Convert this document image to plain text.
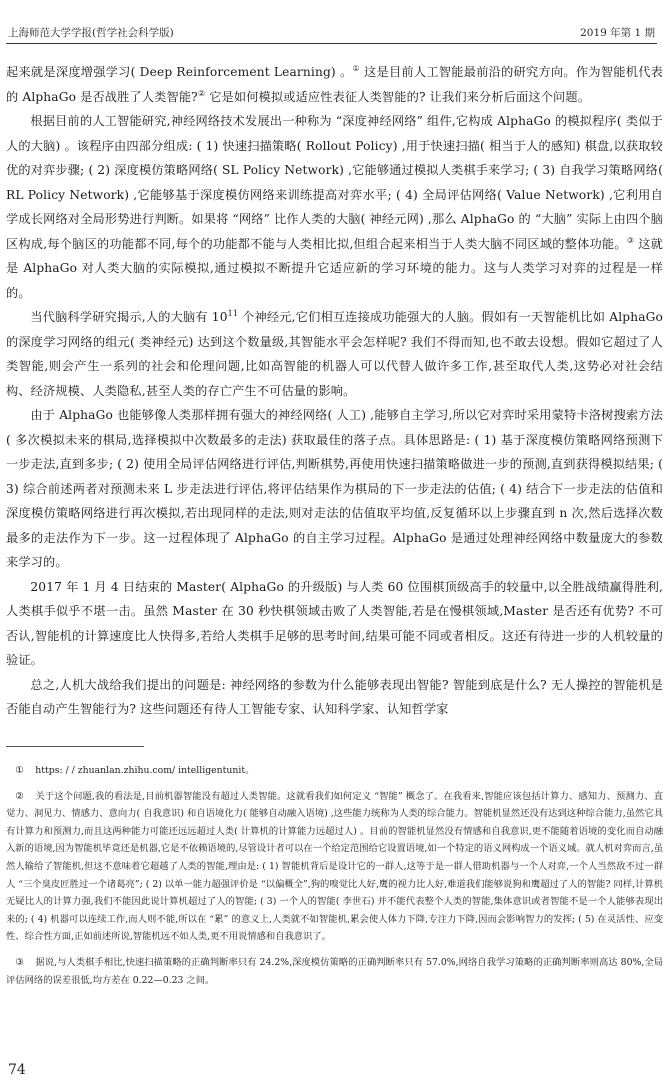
上海师范大学学报(哲学社会科学版)	2019 年第 1 期

起来就是深度增强学习( Deep Reinforcement Learning) 。① 这是目前人工智能最前沿的研究方向。作为智能机代表的 AlphaGo 是否战胜了人类智能?② 它是如何模拟或适应性表征人类智能的? 让我们来分析后面这个问题。

根据目前的人工智能研究,神经网络技术发展出一种称为 “深度神经网络” 组件,它构成 AlphaGo 的模拟程序( 类似于人的大脑) 。该程序由四部分组成: ( 1) 快速扫描策略( Rollout Policy) ,用于快速扫描( 相当于人的感知) 棋盘,以获取较优的对弈步骤; ( 2) 深度模仿策略网络( SL Policy Network) ,它能够通过模拟人类棋手来学习; ( 3) 自我学习策略网络( RL Policy Network) ,它能够基于深度模仿网络来训练提高对弈水平; ( 4) 全局评估网络( Value Network) ,它利用自学成长网络对全局形势进行判断。如果将 “网络” 比作人类的大脑( 神经元网) ,那么 AlphaGo 的 “大脑” 实际上由四个脑区构成,每个脑区的功能都不同,每个的功能都不能与人类相比拟,但组合起来相当于人类大脑不同区域的整体功能。③ 这就是 AlphaGo 对人类大脑的实际模拟,通过模拟不断提升它适应新的学习环境的能力。这与人类学习对弈的过程是一样的。

当代脑科学研究揭示,人的大脑有 $10^{11}$ 个神经元,它们相互连接成功能强大的人脑。假如有一天智能机比如 AlphaGo 的深度学习网络的组元( 类神经元) 达到这个数量级,其智能水平会怎样呢? 我们不得而知,也不敢去设想。假如它超过了人类智能,则会产生一系列的社会和伦理问题,比如高智能的机器人可以代替人做许多工作,甚至取代人类,这势必对社会结构、经济规模、人类隐私,甚至人类的存亡产生不可估量的影响。

由于 AlphaGo 也能够像人类那样拥有强大的神经网络( 人工) ,能够自主学习,所以它对弈时采用蒙特卡洛树搜索方法( 多次模拟未来的棋局,选择模拟中次数最多的走法) 获取最佳的落子点。具体思路是: ( 1) 基于深度模仿策略网络预测下一步走法,直到多步; ( 2) 使用全局评估网络进行评估,判断棋势,再使用快速扫描策略做进一步的预测,直到获得模拟结果; ( 3) 综合前述两者对预测未来 L 步走法进行评估,将评估结果作为棋局的下一步走法的估值; ( 4) 结合下一步走法的估值和深度模仿策略网络进行再次模拟,若出现同样的走法,则对走法的估值取平均值,反复循环以上步骤直到 n 次,然后选择次数最多的走法作为下一步。这一过程体现了 AlphaGo 的自主学习过程。AlphaGo 是通过处理神经网络中数量庞大的参数来学习的。

2017 年 1 月 4 日结束的 Master( AlphaGo 的升级版) 与人类 60 位围棋顶级高手的较量中,以全胜战绩赢得胜利,人类棋手似乎不堪一击。虽然 Master 在 30 秒快棋领域击败了人类智能,若是在慢棋领域,Master 是否还有优势? 不可否认,智能机的计算速度比人快得多,若给人类棋手足够的思考时间,结果可能不同或者相反。这还有待进一步的人机较量的验证。

总之,人机大战给我们提出的问题是: 神经网络的参数为什么能够表现出智能? 智能到底是什么? 无人操控的智能机是否能自动产生智能行为? 这些问题还有待人工智能专家、认知科学家、认知哲学家

① https: / / zhuanlan.zhihu.com/ intelligentunit。

② 关于这个问题,我的看法是,目前机器智能没有超过人类智能。这就看我们如何定义 “智能” 概念了。在我看来,智能应该包括计算力、感知力、预测力、直觉力、洞见力、情感力、意向力( 自我意识) 和自语境化力( 能够自动融入语境) ,这些能力统称为人类的综合能力。智能机显然还没有达到这种综合能力,虽然它具有计算力和预测力,而且这两种能力可能还远远超过人类( 计算机的计算能力远超过人) 。目前的智能机显然没有情感和自我意识,更不能随着语境的变化而自动融入新的语境,因为智能机毕竟还是机器,它是不依赖语境的,尽管设计者可以在一个给定范围给它设置语境,如一个特定的语义网构成一个语义域。就人机对弈而言,虽然人输给了智能机,但这不意味着它超越了人类的智能,理由是: ( 1) 智能机背后是设计它的一群人,这等于是一群人借助机器与一个人对弈,一个人当然敌不过一群人 “三个臭皮匠胜过一个诸葛亮”; ( 2) 以单一能力超强评价是 “以偏概全”,狗的嗅觉比人好,鹰的视力比人好,难道我们能够说狗和鹰超过了人的智能? 同样,计算机无疑比人的计算力强,我们不能因此说计算机超过了人的智能; ( 3) 一个人的智能( 李世石) 并不能代表整个人类的智能,集体意识或者智能不是一个人能够表现出来的; ( 4) 机器可以连续工作,而人则不能,所以在 “累” 的意义上,人类就不如智能机,累会使人体力下降,专注力下降,因而会影响智力的发挥; ( 5) 在灵活性、应变性、综合性方面,正如前述所说,智能机远不如人类,更不用说情感和自我意识了。

③ 据说,与人类棋手相比,快速扫描策略的正确判断率只有 24.2%,深度模仿策略的正确判断率只有 57.0%,网络自我学习策略的正确判断率则高达 80%,全局评估网络的误差很低,均方差在 0.22—0.23 之间。

74
